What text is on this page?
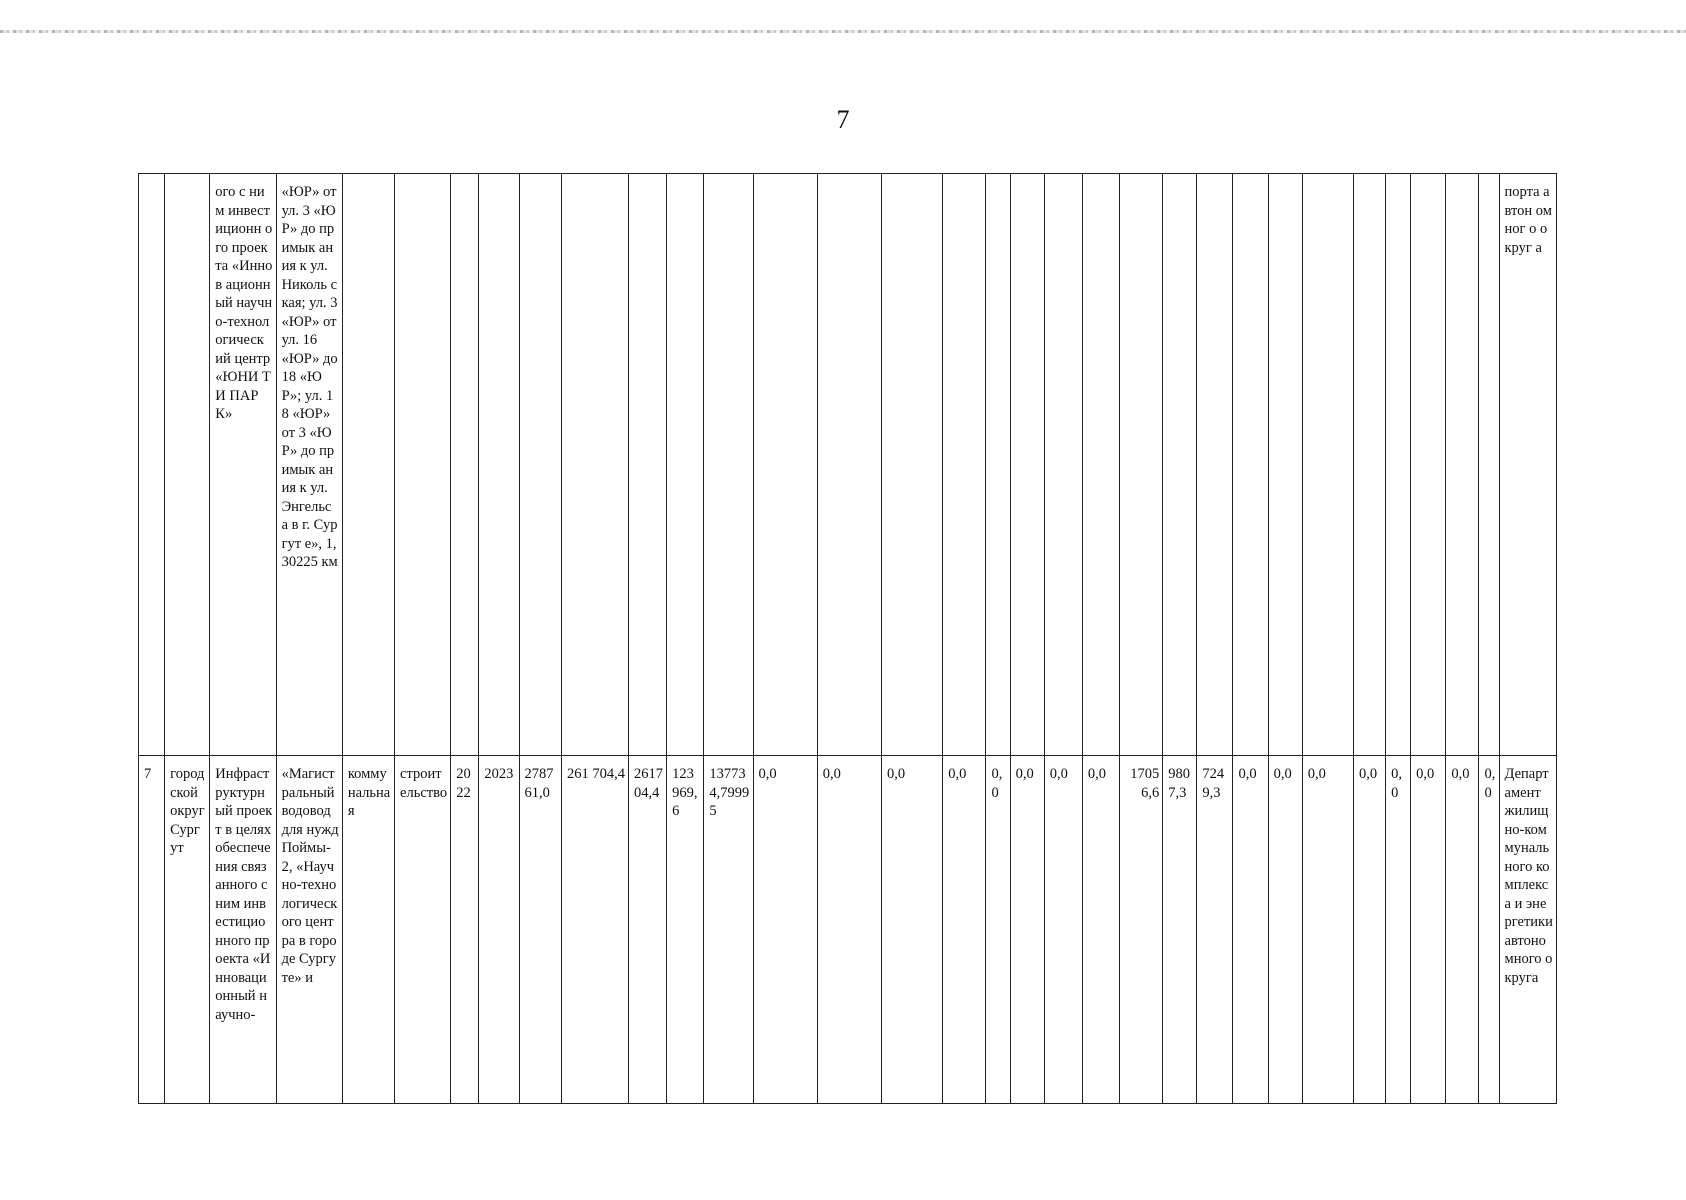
7
		ого с ним инвест иционн ого проекта «Иннов ационн ый научно-технол огическ ий центр «ЮНИ ТИ ПАРК»	«ЮР» от ул. 3 «ЮР» до примык ания к ул. Николь ская; ул. 3 «ЮР» от ул. 16 «ЮР» до 18 «ЮР»; ул. 18 «ЮР» от 3 «ЮР» до примык ания к ул. Энгельс а в г. Сургут е», 1,30225 км																													порта автон омног о округ а
7	городской округ Сургут	Инфраструктурный проект в целях обеспечения связанного с ним инвестиционного проекта «Инновационный научно-	«Магистральный водовод для нужд Поймы-2, «Научно-технологического центра в городе Сургуте» и	коммунальная	строительство	2022	2023	278761,0	261 704,4	261704,4	123969,6	137734,79995	0,0	0,0	0,0	0,0	0,0	0,0	0,0	0,0	17056,6	9807,3	7249,3	0,0	0,0	0,0	0,0	0,0	0,0	0,0	0,0	Департамент жилищно-коммунального комплекса и энергетики автономного округа
